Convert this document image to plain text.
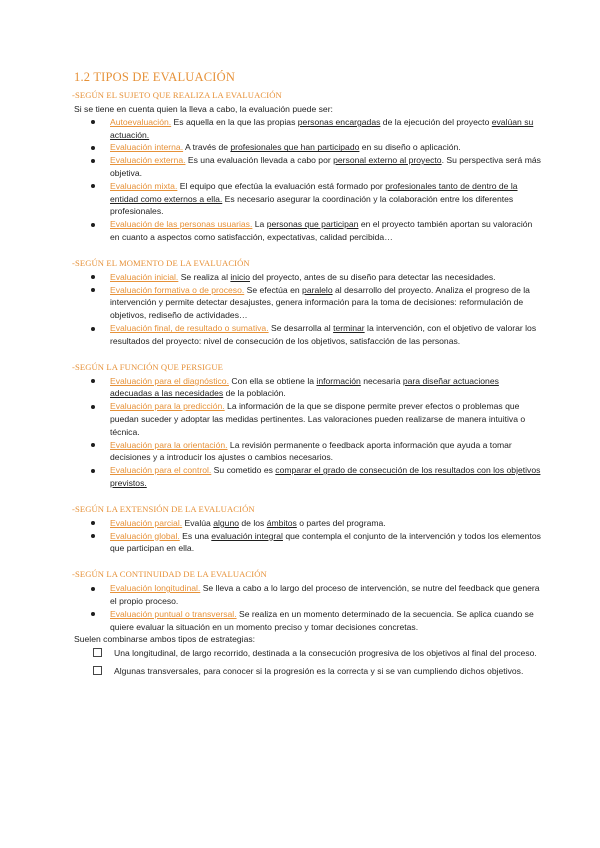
1.2 TIPOS DE EVALUACIÓN
-SEGÚN EL SUJETO QUE REALIZA LA EVALUACIÓN
Si se tiene en cuenta quien la lleva a cabo, la evaluación puede ser:
Autoevaluación. Es aquella en la que las propias personas encargadas de la ejecución del proyecto evalúan su actuación.
Evaluación interna. A través de profesionales que han participado en su diseño o aplicación.
Evaluación externa. Es una evaluación llevada a cabo por personal externo al proyecto. Su perspectiva será más objetiva.
Evaluación mixta. El equipo que efectúa la evaluación está formado por profesionales tanto de dentro de la entidad como externos a ella. Es necesario asegurar la coordinación y la colaboración entre los diferentes profesionales.
Evaluación de las personas usuarias. La personas que participan en el proyecto también aportan su valoración en cuanto a aspectos como satisfacción, expectativas, calidad percibida…
-SEGÚN EL MOMENTO DE LA EVALUACIÓN
Evaluación inicial. Se realiza al inicio del proyecto, antes de su diseño para detectar las necesidades.
Evaluación formativa o de proceso. Se efectúa en paralelo al desarrollo del proyecto. Analiza el progreso de la intervención y permite detectar desajustes, genera información para la toma de decisiones: reformulación de objetivos, rediseño de actividades…
Evaluación final, de resultado o sumativa. Se desarrolla al terminar la intervención, con el objetivo de valorar los resultados del proyecto: nivel de consecución de los objetivos, satisfacción de las personas.
-SEGÚN LA FUNCIÓN QUE PERSIGUE
Evaluación para el diagnóstico. Con ella se obtiene la información necesaria para diseñar actuaciones adecuadas a las necesidades de la población.
Evaluación para la predicción. La información de la que se dispone permite prever efectos o problemas que puedan suceder y adoptar las medidas pertinentes. Las valoraciones pueden realizarse de manera intuitiva o técnica.
Evaluación para la orientación. La revisión permanente o feedback aporta información que ayuda a tomar decisiones y a introducir los ajustes o cambios necesarios.
Evaluación para el control. Su cometido es comparar el grado de consecución de los resultados con los objetivos previstos.
-SEGÚN LA EXTENSIÓN DE LA EVALUACIÓN
Evaluación parcial. Evalúa alguno de los ámbitos o partes del programa.
Evaluación global. Es una evaluación integral que contempla el conjunto de la intervención y todos los elementos que participan en ella.
-SEGÚN LA CONTINUIDAD DE LA EVALUACIÓN
Evaluación longitudinal. Se lleva a cabo a lo largo del proceso de intervención, se nutre del feedback que genera el propio proceso.
Evaluación puntual o transversal. Se realiza en un momento determinado de la secuencia. Se aplica cuando se quiere evaluar la situación en un momento preciso y tomar decisiones concretas.
Suelen combinarse ambos tipos de estrategias:
Una longitudinal, de largo recorrido, destinada a la consecución progresiva de los objetivos al final del proceso.
Algunas transversales, para conocer si la progresión es la correcta y si se van cumpliendo dichos objetivos.
